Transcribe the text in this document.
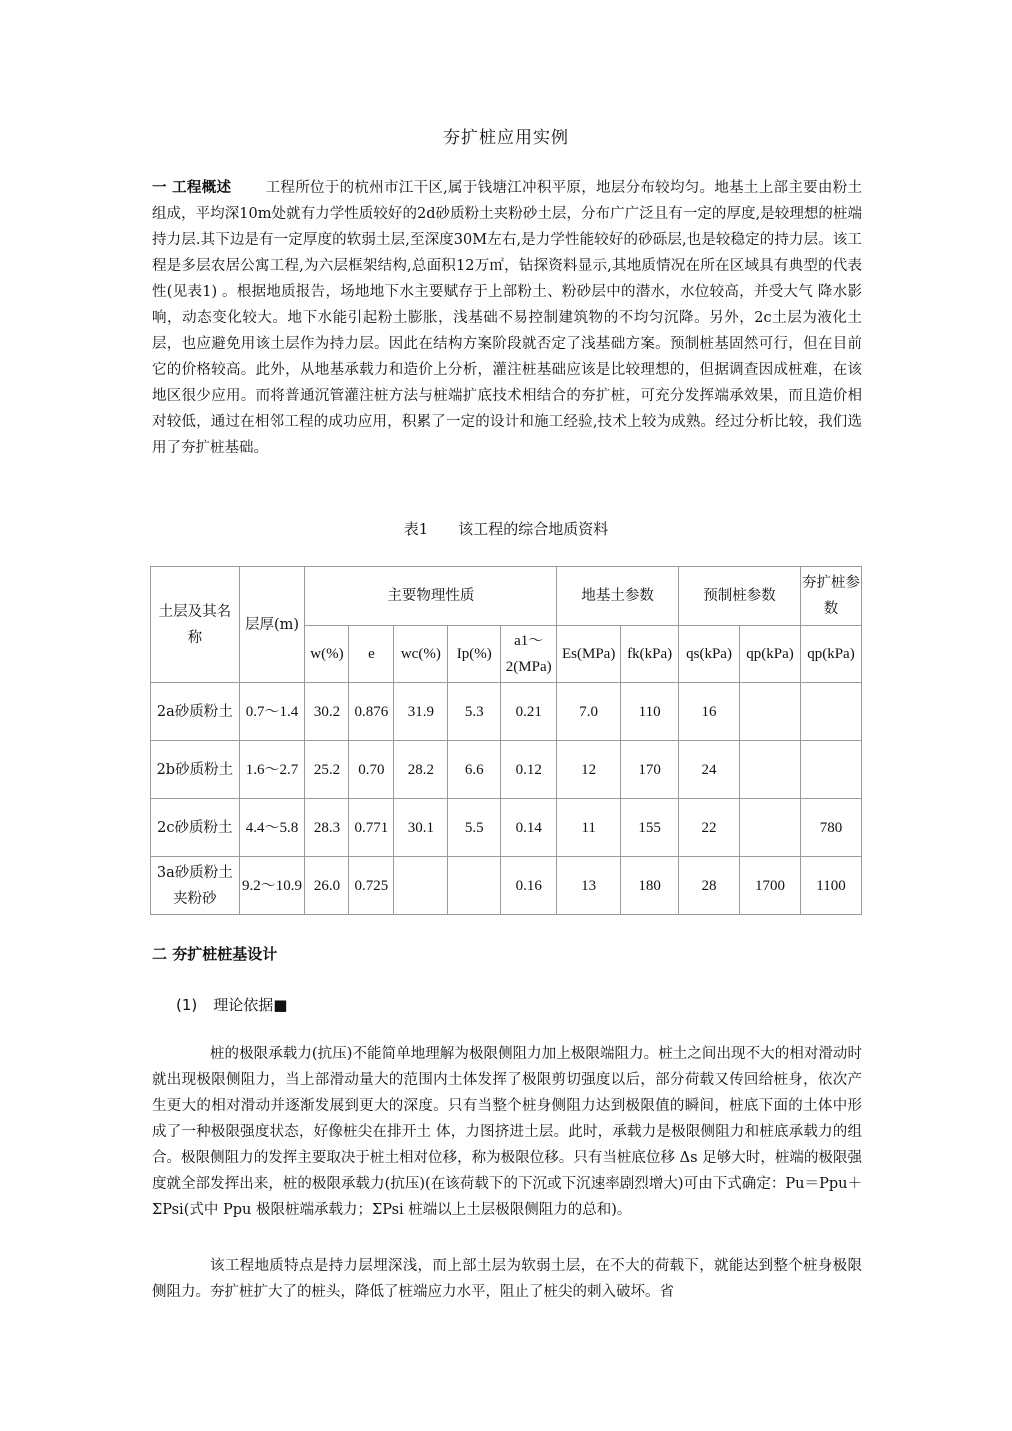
夯扩桩应用实例

一 工程概述 工程所位于的杭州市江干区,属于钱塘江冲积平原，地层分布较均匀。地基土上部主要由粉土组成，平均深10m处就有力学性质较好的2d砂质粉土夹粉砂土层，分布广广泛且有一定的厚度,是较理想的桩端持力层.其下边是有一定厚度的软弱土层,至深度30M左右,是力学性能较好的砂砾层,也是较稳定的持力层。该工程是多层农居公寓工程,为六层框架结构,总面积12万㎡，钻探资料显示,其地质情况在所在区域具有典型的代表性(见表1) 。根据地质报告，场地地下水主要赋存于上部粉土、粉砂层中的潜水，水位较高，并受大气 降水影响，动态变化较大。地下水能引起粉土膨胀，浅基础不易控制建筑物的不均匀沉降。另外，2c土层为液化土层，也应避免用该土层作为持力层。因此在结构方案阶段就否定了浅基础方案。预制桩基固然可行，但在目前它的价格较高。此外，从地基承载力和造价上分析，灌注桩基础应该是比较理想的，但据调查因成桩难，在该地区很少应用。而将普通沉管灌注桩方法与桩端扩底技术相结合的夯扩桩，可充分发挥端承效果，而且造价相对较低，通过在相邻工程的成功应用，积累了一定的设计和施工经验,技术上较为成熟。经过分析比较，我们选用了夯扩桩基础。

表1 该工程的综合地质资料
土层及其名称	层厚(m)	主要物理性质					地基土参数		预制桩参数		夯扩桩参数
		w(%)	e	wc(%)	Ip(%)	a1～2(MPa)	Es(MPa)	fk(kPa)	qs(kPa)	qp(kPa)	qp(kPa)
2a砂质粉土	0.7～1.4	30.2	0.876	31.9	5.3	0.21	7.0	110	16		
2b砂质粉土	1.6～2.7	25.2	0.70	28.2	6.6	0.12	12	170	24		
2c砂质粉土	4.4～5.8	28.3	0.771	30.1	5.5	0.14	11	155	22		780
3a砂质粉土夹粉砂	9.2～10.9	26.0	0.725			0.16	13	180	28	1700	1100
二 夯扩桩桩基设计
(1) 理论依据■

桩的极限承载力(抗压)不能简单地理解为极限侧阻力加上极限端阻力。桩土之间出现不大的相对滑动时就出现极限侧阻力，当上部滑动量大的范围内土体发挥了极限剪切强度以后，部分荷载又传回给桩身，依次产生更大的相对滑动并逐渐发展到更大的深度。只有当整个桩身侧阻力达到极限值的瞬间，桩底下面的土体中形成了一种极限强度状态，好像桩尖在排开土 体，力图挤进土层。此时，承载力是极限侧阻力和桩底承载力的组合。极限侧阻力的发挥主要取决于桩土相对位移，称为极限位移。只有当桩底位移 Δs 足够大时，桩端的极限强度就全部发挥出来，桩的极限承载力(抗压)(在该荷载下的下沉或下沉速率剧烈增大)可由下式确定：Pu＝Ppu＋ΣPsi(式中 Ppu 极限桩端承载力；ΣPsi 桩端以上土层极限侧阻力的总和)。

该工程地质特点是持力层埋深浅，而上部土层为软弱土层，在不大的荷载下，就能达到整个桩身极限侧阻力。夯扩桩扩大了的桩头，降低了桩端应力水平，阻止了桩尖的刺入破坏。省
